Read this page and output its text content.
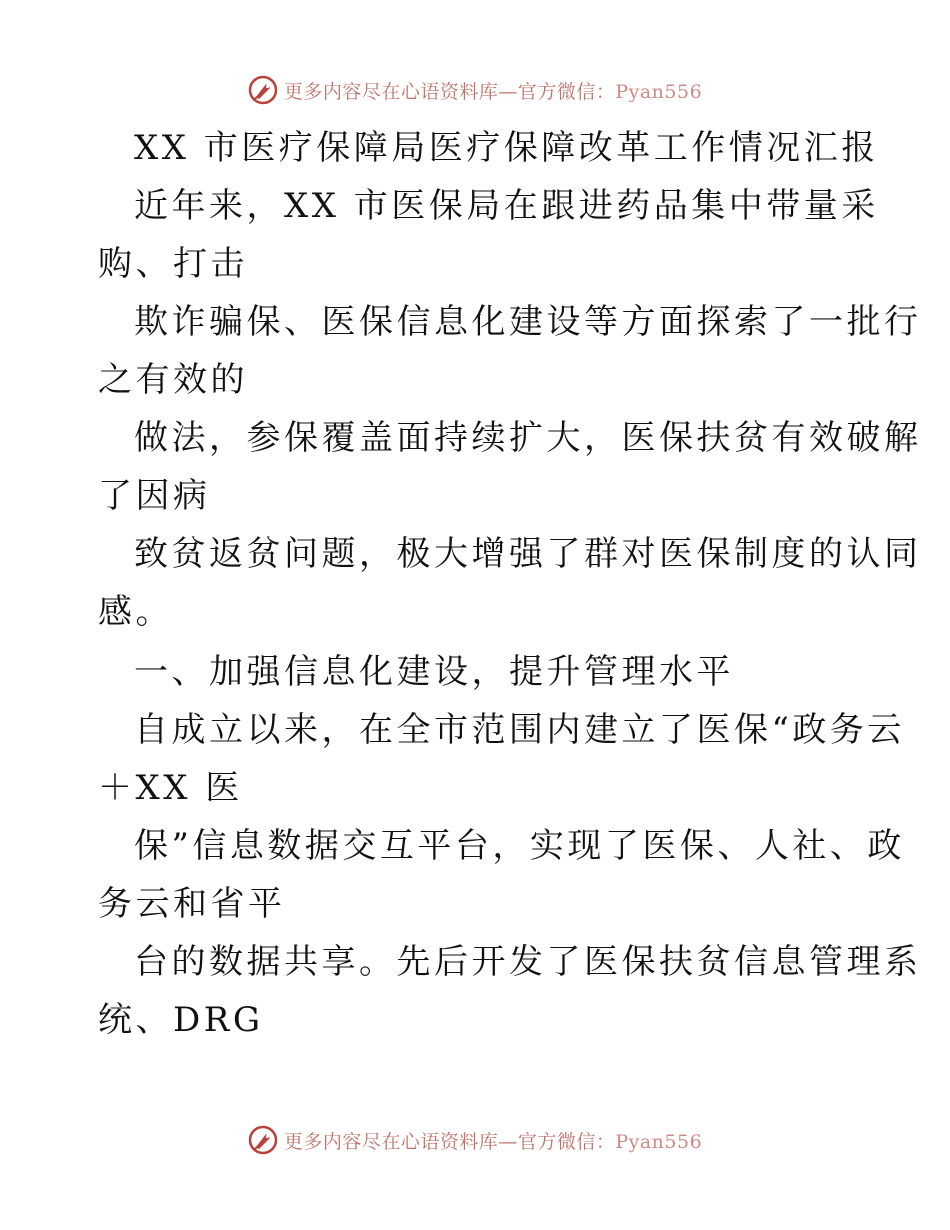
更多内容尽在心语资料库—官方微信：Pyan556
XX 市医疗保障局医疗保障改革工作情况汇报
近年来，XX 市医保局在跟进药品集中带量采
购、打击
欺诈骗保、医保信息化建设等方面探索了一批行
之有效的
做法，参保覆盖面持续扩大，医保扶贫有效破解
了因病
致贫返贫问题，极大增强了群对医保制度的认同
感。
一、加强信息化建设，提升管理水平
自成立以来，在全市范围内建立了医保“政务云
＋XX 医
保”信息数据交互平台，实现了医保、人社、政
务云和省平
台的数据共享。先后开发了医保扶贫信息管理系
统、DRG
更多内容尽在心语资料库—官方微信：Pyan556
